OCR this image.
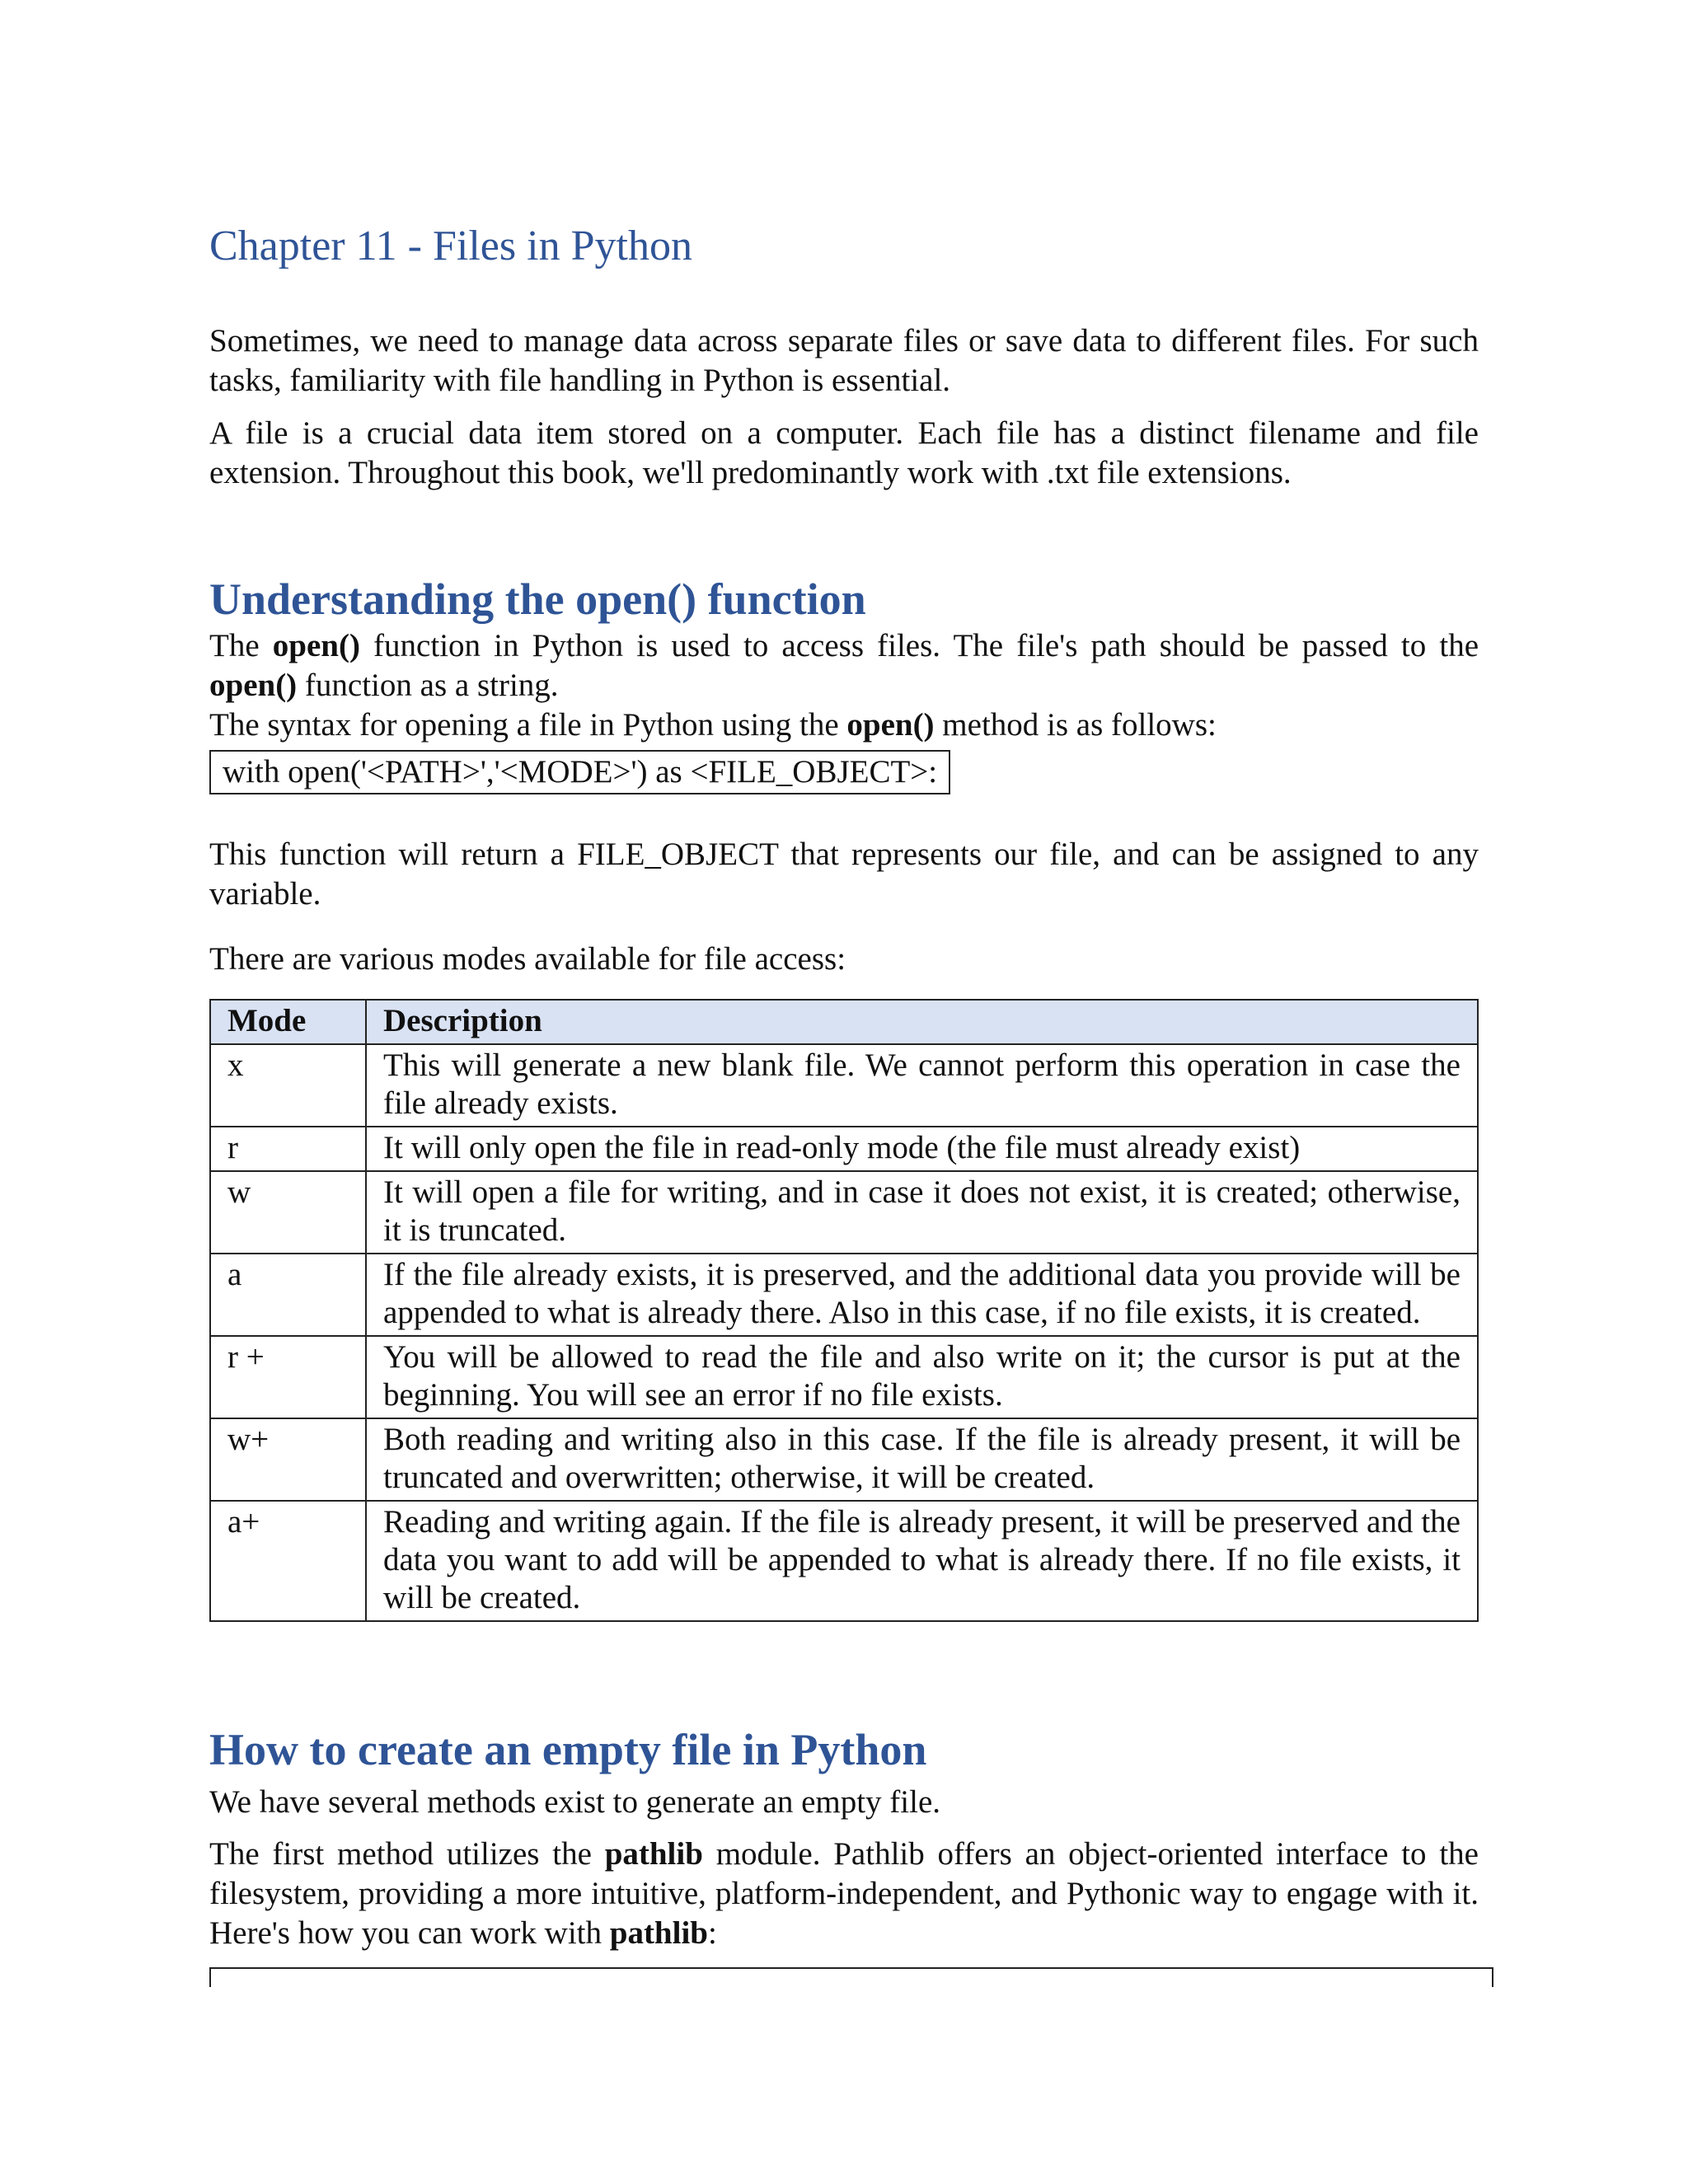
Chapter 11 - Files in Python

Sometimes, we need to manage data across separate files or save data to different files. For such tasks, familiarity with file handling in Python is essential.

A file is a crucial data item stored on a computer. Each file has a distinct filename and file extension. Throughout this book, we'll predominantly work with .txt file extensions.

Understanding the open() function

The open() function in Python is used to access files. The file's path should be passed to the open() function as a string.

The syntax for opening a file in Python using the open() method is as follows:

with open('<PATH>','<MODE>') as <FILE_OBJECT>:

This function will return a FILE_OBJECT that represents our file, and can be assigned to any variable.

There are various modes available for file access:

Mode	Description
x	This will generate a new blank file. We cannot perform this operation in case the file already exists.
r	It will only open the file in read-only mode (the file must already exist)
w	It will open a file for writing, and in case it does not exist, it is created; otherwise, it is truncated.
a	If the file already exists, it is preserved, and the additional data you provide will be appended to what is already there. Also in this case, if no file exists, it is created.
r +	You will be allowed to read the file and also write on it; the cursor is put at the beginning. You will see an error if no file exists.
w+	Both reading and writing also in this case. If the file is already present, it will be truncated and overwritten; otherwise, it will be created.
a+	Reading and writing again. If the file is already present, it will be preserved and the data you want to add will be appended to what is already there. If no file exists, it will be created.
How to create an empty file in Python

We have several methods exist to generate an empty file.

The first method utilizes the pathlib module. Pathlib offers an object-oriented interface to the filesystem, providing a more intuitive, platform-independent, and Pythonic way to engage with it. Here's how you can work with pathlib:
